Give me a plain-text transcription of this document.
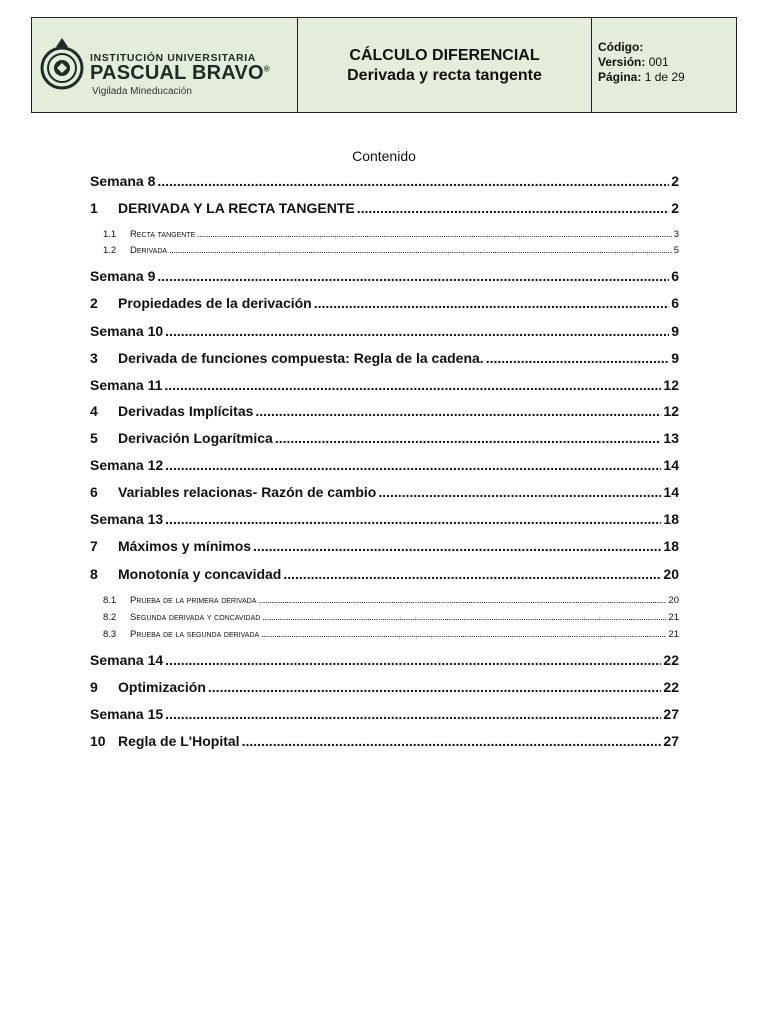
INSTITUCIÓN UNIVERSITARIA
PASCUAL BRAVO®
Vigilada Mineducación
CÁLCULO DIFERENCIAL
Derivada y recta tangente
Código:
Versión: 001
Página: 1 de 29
Contenido
Semana 8 .....	2
1	DERIVADA Y LA RECTA TANGENTE .....	2
1.1	Recta tangente .....	3
1.2	Derivada .....	5
Semana 9 .....	6
2	Propiedades de la derivación .....	6
Semana 10 .....	9
3	Derivada de funciones compuesta: Regla de la cadena. .....	9
Semana 11 .....	12
4	Derivadas Implícitas .....	12
5	Derivación Logarítmica .....	13
Semana 12 .....	14
6	Variables relacionas- Razón de cambio .....	14
Semana 13 .....	18
7	Máximos y mínimos .....	18
8	Monotonía y concavidad .....	20
8.1	Prueba de la primera derivada .....	20
8.2	Segunda derivada y concavidad .....	21
8.3	Prueba de la segunda derivada .....	21
Semana 14 .....	22
9	Optimización .....	22
Semana 15 .....	27
10 Regla de L'Hopital .....	27
